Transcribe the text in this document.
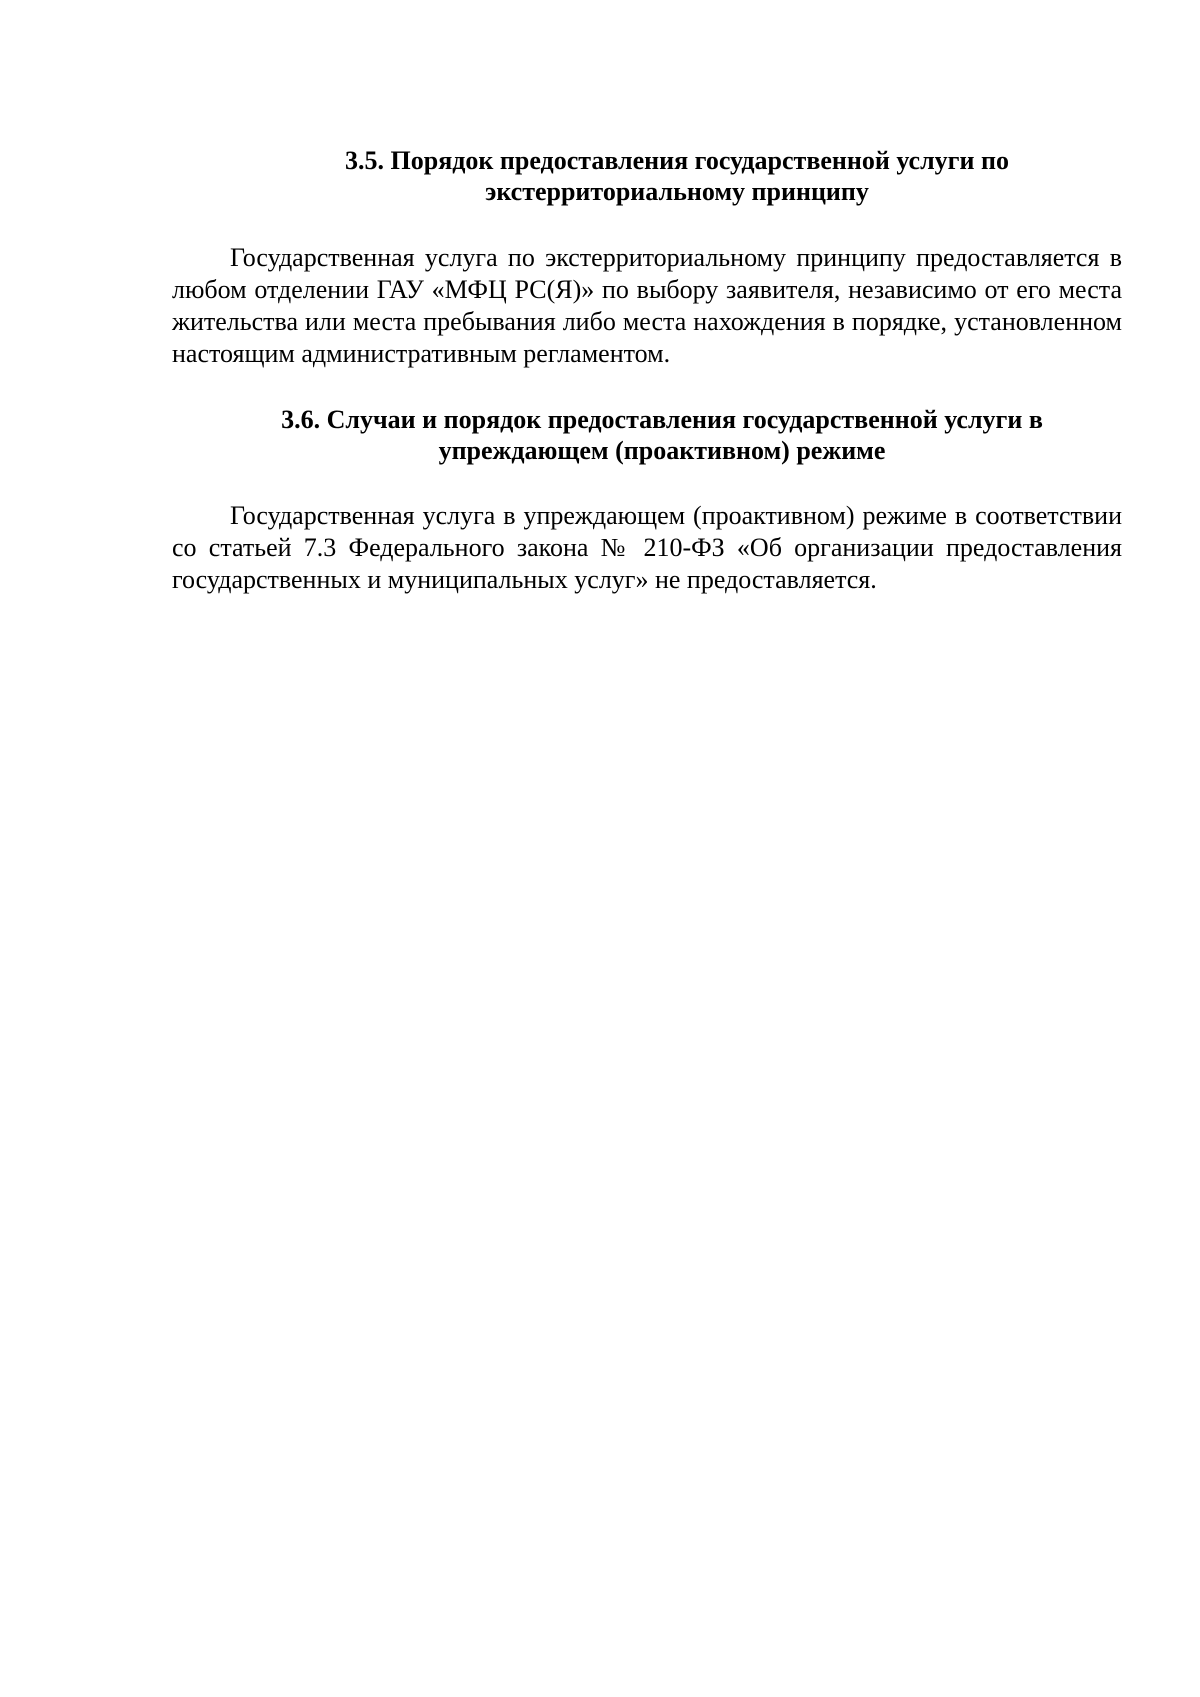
3.5. Порядок предоставления государственной услуги по
экстерриториальному принципу

Государственная услуга по экстерриториальному принципу предоставляется в любом отделении ГАУ «МФЦ РС(Я)» по выбору заявителя, независимо от его места жительства или места пребывания либо места нахождения в порядке, установленном настоящим административным регламентом.

3.6. Случаи и порядок предоставления государственной услуги в
упреждающем (проактивном) режиме

Государственная услуга в упреждающем (проактивном) режиме в соответствии со статьей 7.3 Федерального закона № 210-ФЗ «Об организации предоставления государственных и муниципальных услуг» не предоставляется.
